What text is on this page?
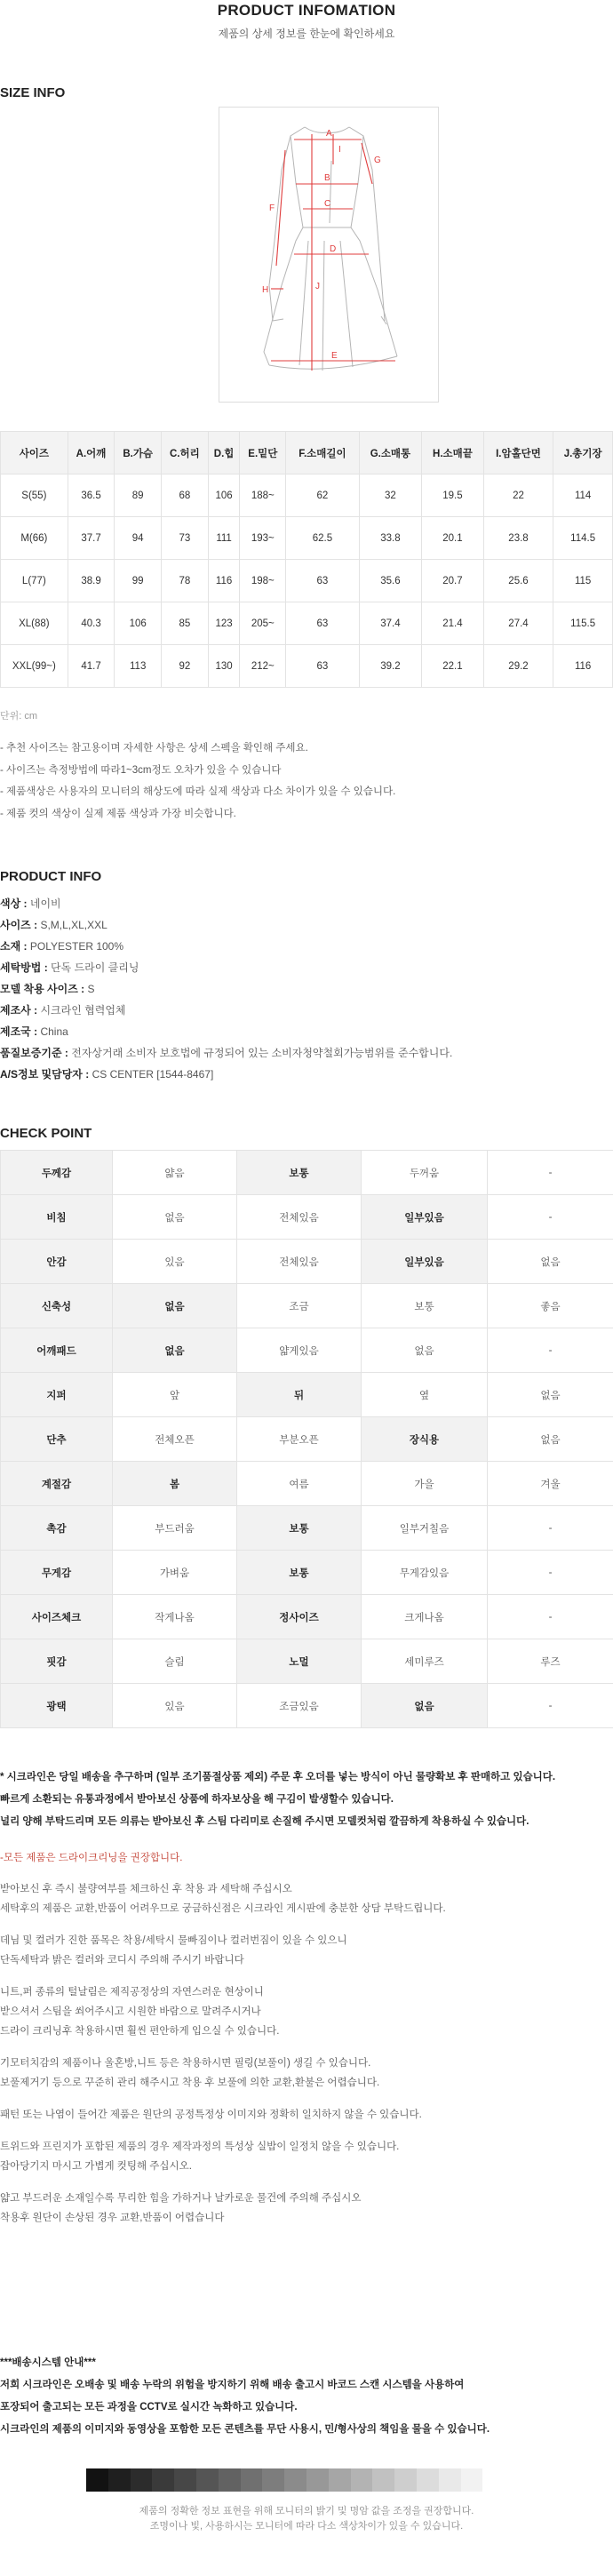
PRODUCT INFOMATION
제품의 상세 정보를 한눈에 확인하세요
SIZE INFO
A
B
C
D
E
F
G
H
I
J
사이즈	A.어깨	B.가슴	C.허리	D.힙	E.밑단	F.소매길이	G.소매통	H.소매끝	I.암홀단면	J.총기장
S(55)	36.5	89	68	106	188~	62	32	19.5	22	114
M(66)	37.7	94	73	111	193~	62.5	33.8	20.1	23.8	114.5
L(77)	38.9	99	78	116	198~	63	35.6	20.7	25.6	115
XL(88)	40.3	106	85	123	205~	63	37.4	21.4	27.4	115.5
XXL(99~)	41.7	113	92	130	212~	63	39.2	22.1	29.2	116
단위: cm
- 추천 사이즈는 참고용이며 자세한 사항은 상세 스펙을 확인해 주세요.
- 사이즈는 측정방법에 따라1~3cm정도 오차가 있을 수 있습니다
- 제품색상은 사용자의 모니터의 해상도에 따라 실제 색상과 다소 차이가 있을 수 있습니다.
- 제품 컷의 색상이 실제 제품 색상과 가장 비슷합니다.
PRODUCT INFO
색상 : 네이비
사이즈 : S,M,L,XL,XXL
소재 : POLYESTER 100%
세탁방법 : 단독 드라이 클리닝
모델 착용 사이즈 : S
제조사 : 시크라인 협력업체
제조국 : China
품질보증기준 : 전자상거래 소비자 보호법에 규정되어 있는 소비자청약철회가능범위를 준수합니다.
A/S정보 및담당자 : CS CENTER [1544-8467]
CHECK POINT
두께감	얇음	보통	두꺼움	-
비침	없음	전체있음	일부있음	-
안감	있음	전체있음	일부있음	없음
신축성	없음	조금	보통	좋음
어깨패드	없음	얇게있음	없음	-
지퍼	앞	뒤	옆	없음
단추	전체오픈	부분오픈	장식용	없음
계절감	봄	여름	가을	겨울
촉감	부드러움	보통	일부거칠음	-
무게감	가벼움	보통	무게감있음	-
사이즈체크	작게나옴	정사이즈	크게나옴	-
핏감	슬림	노멀	세미루즈	루즈
광택	있음	조금있음	없음	-

* 시크라인은 당일 배송을 추구하며 (일부 조기품절상품 제외) 주문 후 오더를 넣는 방식이 아닌 물량확보 후 판매하고 있습니다.

빠르게 소환되는 유통과정에서 받아보신 상품에 하자보상을 해 구김이 발생할수 있습니다.

널리 양해 부탁드리며 모든 의류는 받아보신 후 스팀 다리미로 손질해 주시면 모델컷처럼 깔끔하게 착용하실 수 있습니다.

-모든 제품은 드라이크리닝을 권장합니다.

받아보신 후 즉시 불량여부를 체크하신 후 착용 과 세탁해 주십시오
세탁후의 제품은 교환,반품이 어려우므로 궁금하신점은 시크라인 게시판에 충분한 상담 부탁드립니다.
데님 및 컬러가 진한 품목은 착용/세탁시 물빠짐이나 컬러번짐이 있을 수 있으니
단독세탁과 밝은 컬러와 코디시 주의해 주시기 바랍니다
니트,퍼 종류의 털날림은 제직공정상의 자연스러운 현상이니
받으셔서 스팀을 쐬어주시고 시원한 바람으로 말려주시거나
드라이 크리닝후 착용하시면 훨씬 편안하게 입으실 수 있습니다.
기모터치감의 제품이나 울혼방,니트 등은 착용하시면 필링(보풀이) 생길 수 있습니다.
보풀제거기 등으로 꾸준히 관리 해주시고 착용 후 보풀에 의한 교환,환불은 어렵습니다.
패턴 또는 나염이 들어간 제품은 원단의 공정특정상 이미지와 정확히 일치하지 않을 수 있습니다.
트위드와 프린지가 포함된 제품의 경우 제작과정의 특성상 실밥이 일정치 않을 수 있습니다.
잡아당기지 마시고 가볍게 컷팅해 주십시오.
얇고 부드러운 소재일수록 무리한 힘을 가하거나 날카로운 물건에 주의해 주십시오
착용후 원단이 손상된 경우 교환,반품이 어렵습니다
***배송시스템 안내***
저희 시크라인은 오배송 및 배송 누락의 위험을 방지하기 위해 배송 출고시 바코드 스캔 시스템을 사용하여
포장되어 출고되는 모든 과정을 CCTV로 실시간 녹화하고 있습니다.
시크라인의 제품의 이미지와 동영상을 포함한 모든 콘텐츠를 무단 사용시, 민/형사상의 책임을 물을 수 있습니다.
제품의 정확한 정보 표현을 위해 모니터의 밝기 및 명암 값을 조정을 권장합니다.
조명이나 빛, 사용하시는 모니터에 따라 다소 색상차이가 있을 수 있습니다.
